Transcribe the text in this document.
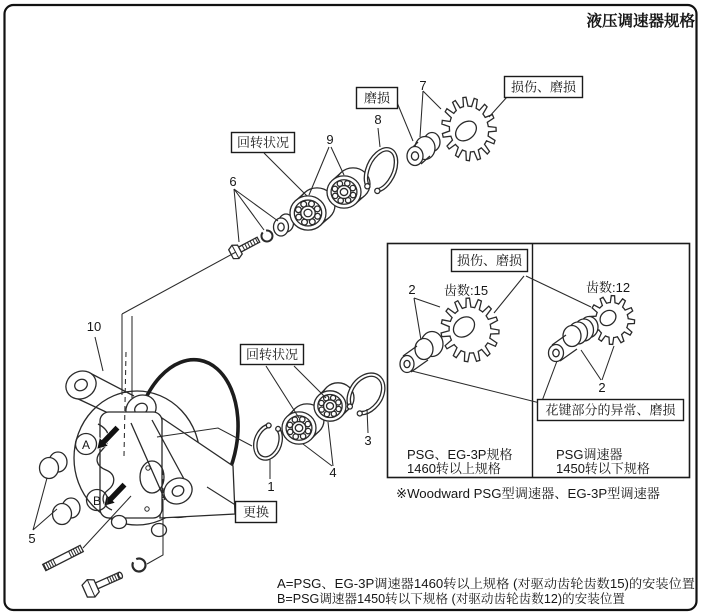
A
B
损伤、磨损
花键部分的异常、磨损
齿数:15	齿数:12
2
2
PSG、EG-3P规格
1460转以上规格
PSG调速器
1450转以下规格
※Woodward PSG型调速器、EG-3P型调速器
磨损
损伤、磨损
回转状况
回转状况
更换
7
8
9
6
10
5
1
4
3
液压调速器规格
A=PSG、EG-3P调速器1460转以上规格 (对驱动齿轮齿数15)的安装位置
B=PSG调速器1450转以下规格 (对驱动齿轮齿数12)的安装位置
